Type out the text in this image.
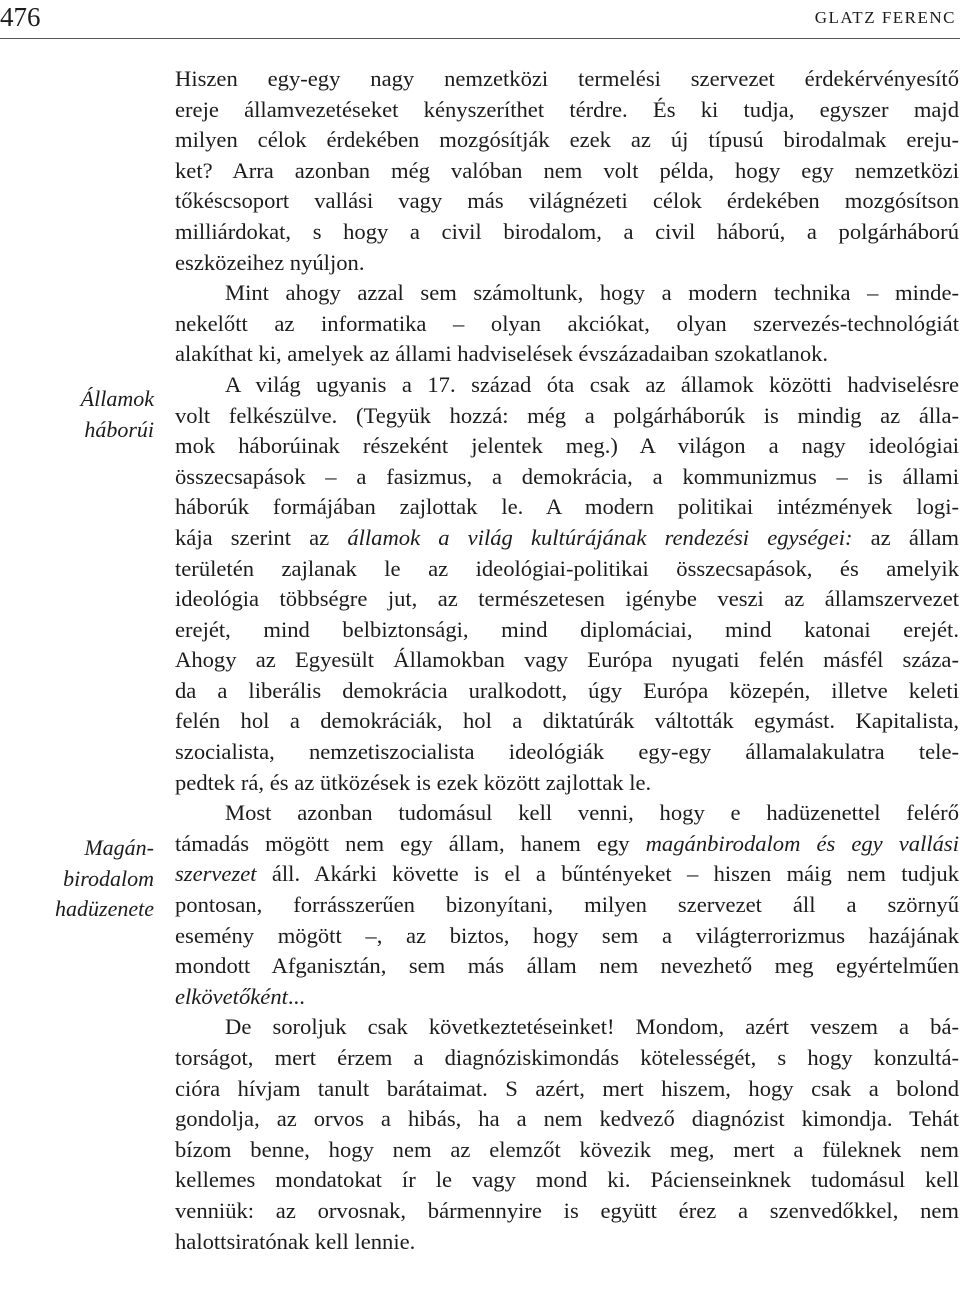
476	GLATZ FERENC
Államok
háborúi
Magán-
birodalom
hadüzenete
Hiszen egy-egy nagy nemzetközi termelési szervezet érdekérvényesítő
ereje államvezetéseket kényszeríthet térdre. És ki tudja, egyszer majd
milyen célok érdekében mozgósítják ezek az új típusú birodalmak ereju-
ket? Arra azonban még valóban nem volt példa, hogy egy nemzetközi
tőkéscsoport vallási vagy más világnézeti célok érdekében mozgósítson
milliárdokat, s hogy a civil birodalom, a civil háború, a polgárháború
eszközeihez nyúljon.
Mint ahogy azzal sem számoltunk, hogy a modern technika – minde-
nekelőtt az informatika – olyan akciókat, olyan szervezés-technológiát
alakíthat ki, amelyek az állami hadviselések évszázadaiban szokatlanok.
A világ ugyanis a 17. század óta csak az államok közötti hadviselésre
volt felkészülve. (Tegyük hozzá: még a polgárháborúk is mindig az álla-
mok háborúinak részeként jelentek meg.) A világon a nagy ideológiai
összecsapások – a fasizmus, a demokrácia, a kommunizmus – is állami
háborúk formájában zajlottak le. A modern politikai intézmények logi-
kája szerint az államok a világ kultúrájának rendezési egységei: az állam
területén zajlanak le az ideológiai-politikai összecsapások, és amelyik
ideológia többségre jut, az természetesen igénybe veszi az államszervezet
erejét, mind belbiztonsági, mind diplomáciai, mind katonai erejét.
Ahogy az Egyesült Államokban vagy Európa nyugati felén másfél száza-
da a liberális demokrácia uralkodott, úgy Európa közepén, illetve keleti
felén hol a demokráciák, hol a diktatúrák váltották egymást. Kapitalista,
szocialista, nemzetiszocialista ideológiák egy-egy államalakulatra tele-
pedtek rá, és az ütközések is ezek között zajlottak le.
Most azonban tudomásul kell venni, hogy e hadüzenettel felérő
támadás mögött nem egy állam, hanem egy magánbirodalom és egy vallási
szervezet áll. Akárki követte is el a bűntényeket – hiszen máig nem tudjuk
pontosan, forrásszerűen bizonyítani, milyen szervezet áll a szörnyű
esemény mögött –, az biztos, hogy sem a világterrorizmus hazájának
mondott Afganisztán, sem más állam nem nevezhető meg egyértelműen
elkövetőként...
De soroljuk csak következtetéseinket! Mondom, azért veszem a bá-
torságot, mert érzem a diagnóziskimondás kötelességét, s hogy konzultá-
cióra hívjam tanult barátaimat. S azért, mert hiszem, hogy csak a bolond
gondolja, az orvos a hibás, ha a nem kedvező diagnózist kimondja. Tehát
bízom benne, hogy nem az elemzőt kövezik meg, mert a füleknek nem
kellemes mondatokat ír le vagy mond ki. Pácienseinknek tudomásul kell
venniük: az orvosnak, bármennyire is együtt érez a szenvedőkkel, nem
halottsiratónak kell lennie.
